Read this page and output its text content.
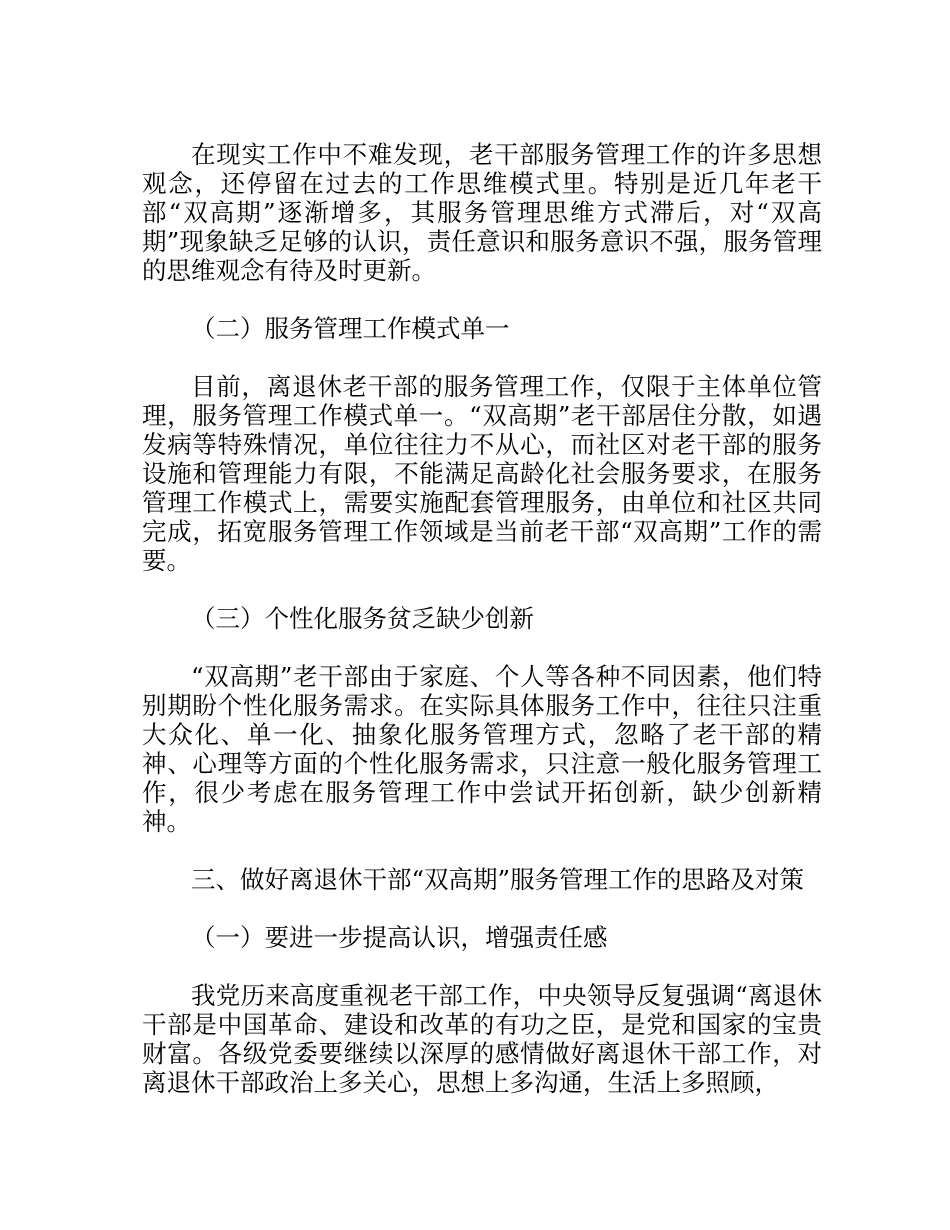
在现实工作中不难发现，老干部服务管理工作的许多思想观念，还停留在过去的工作思维模式里。特别是近几年老干部“双高期”逐渐增多，其服务管理思维方式滞后，对“双高期”现象缺乏足够的认识，责任意识和服务意识不强，服务管理的思维观念有待及时更新。

（二）服务管理工作模式单一

目前，离退休老干部的服务管理工作，仅限于主体单位管理，服务管理工作模式单一。“双高期”老干部居住分散，如遇发病等特殊情况，单位往往力不从心，而社区对老干部的服务设施和管理能力有限，不能满足高龄化社会服务要求，在服务管理工作模式上，需要实施配套管理服务，由单位和社区共同完成，拓宽服务管理工作领域是当前老干部“双高期”工作的需要。

（三）个性化服务贫乏缺少创新

“双高期”老干部由于家庭、个人等各种不同因素，他们特别期盼个性化服务需求。在实际具体服务工作中，往往只注重大众化、单一化、抽象化服务管理方式，忽略了老干部的精神、心理等方面的个性化服务需求，只注意一般化服务管理工作，很少考虑在服务管理工作中尝试开拓创新，缺少创新精神。

三、做好离退休干部“双高期”服务管理工作的思路及对策

（一）要进一步提高认识，增强责任感

我党历来高度重视老干部工作，中央领导反复强调“离退休干部是中国革命、建设和改革的有功之臣，是党和国家的宝贵财富。各级党委要继续以深厚的感情做好离退休干部工作，对离退休干部政治上多关心，思想上多沟通，生活上多照顾，
